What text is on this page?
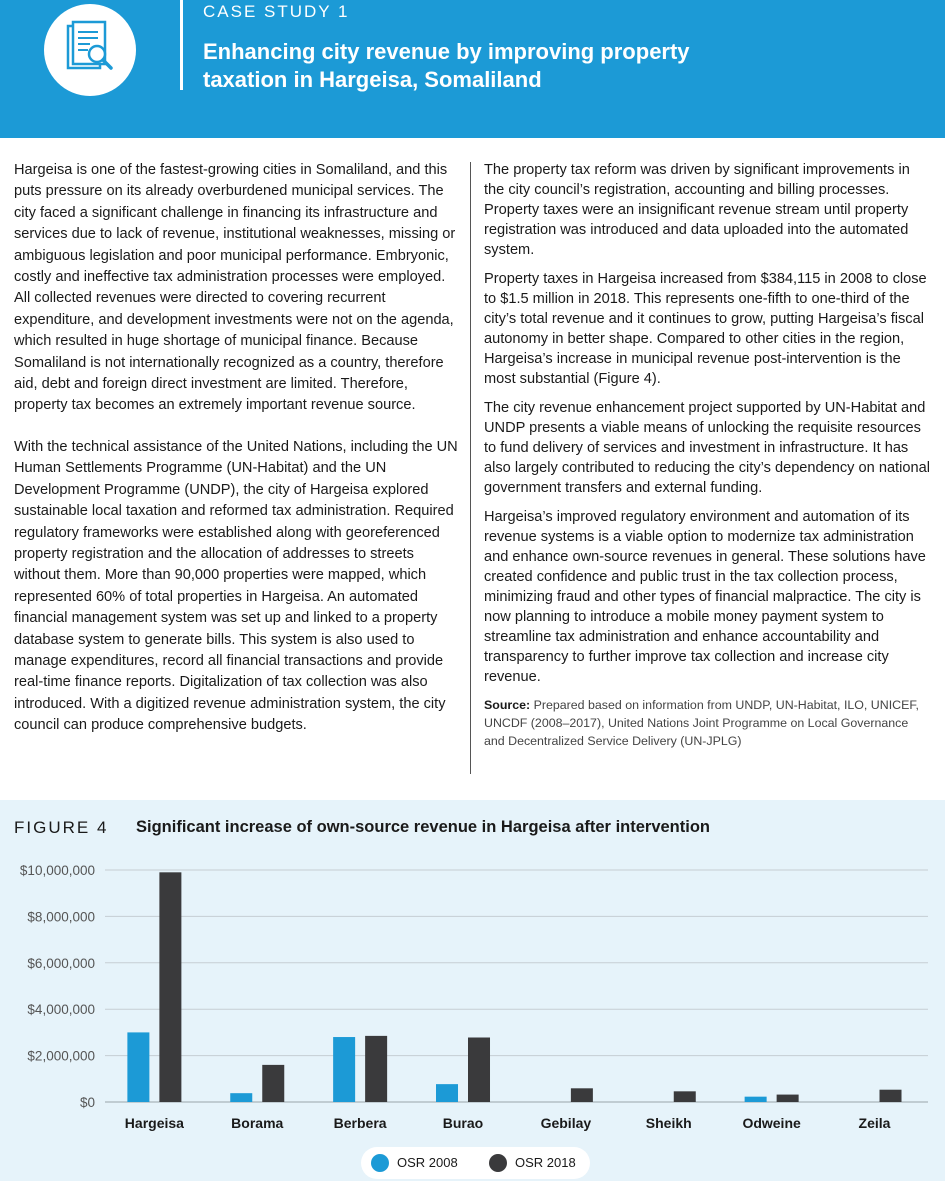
CASE STUDY 1
Enhancing city revenue by improving property taxation in Hargeisa, Somaliland

Hargeisa is one of the fastest-growing cities in Somaliland, and this puts pressure on its already overburdened municipal services. The city faced a significant challenge in financing its infrastructure and services due to lack of revenue, institutional weaknesses, missing or ambiguous legislation and poor municipal performance. Embryonic, costly and ineffective tax administration processes were employed. All collected revenues were directed to covering recurrent expenditure, and development investments were not on the agenda, which resulted in huge shortage of municipal finance. Because Somaliland is not internationally recognized as a country, therefore aid, debt and foreign direct investment are limited. Therefore, property tax becomes an extremely important revenue source.

With the technical assistance of the United Nations, including the UN Human Settlements Programme (UN-Habitat) and the UN Development Programme (UNDP), the city of Hargeisa explored sustainable local taxation and reformed tax administration. Required regulatory frameworks were established along with georeferenced property registration and the allocation of addresses to streets without them. More than 90,000 properties were mapped, which represented 60% of total properties in Hargeisa. An automated financial management system was set up and linked to a property database system to generate bills. This system is also used to manage expenditures, record all financial transactions and provide real-time finance reports. Digitalization of tax collection was also introduced. With a digitized revenue administration system, the city council can produce comprehensive budgets.

The property tax reform was driven by significant improvements in the city council’s registration, accounting and billing processes. Property taxes were an insignificant revenue stream until property registration was introduced and data uploaded into the automated system.

Property taxes in Hargeisa increased from $384,115 in 2008 to close to $1.5 million in 2018. This represents one-fifth to one-third of the city’s total revenue and it continues to grow, putting Hargeisa’s fiscal autonomy in better shape. Compared to other cities in the region, Hargeisa’s increase in municipal revenue post-intervention is the most substantial (Figure 4).

The city revenue enhancement project supported by UN-Habitat and UNDP presents a viable means of unlocking the requisite resources to fund delivery of services and investment in infrastructure. It has also largely contributed to reducing the city’s dependency on national government transfers and external funding.

Hargeisa’s improved regulatory environment and automation of its revenue systems is a viable option to modernize tax administration and enhance own-source revenues in general. These solutions have created confidence and public trust in the tax collection process, minimizing fraud and other types of financial malpractice. The city is now planning to introduce a mobile money payment system to streamline tax administration and enhance accountability and transparency to further improve tax collection and increase city revenue.

Source: Prepared based on information from UNDP, UN-Habitat, ILO, UNICEF, UNCDF (2008–2017), United Nations Joint Programme on Local Governance and Decentralized Service Delivery (UN-JPLG)
FIGURE 4 Significant increase of own-source revenue in Hargeisa after intervention
$0
$2,000,000
$4,000,000
$6,000,000
$8,000,000
$10,000,000
Hargeisa	Borama	Berbera	Burao	Gebilay	Sheikh	Odweine	Zeila
OSR 2008	OSR 2018
